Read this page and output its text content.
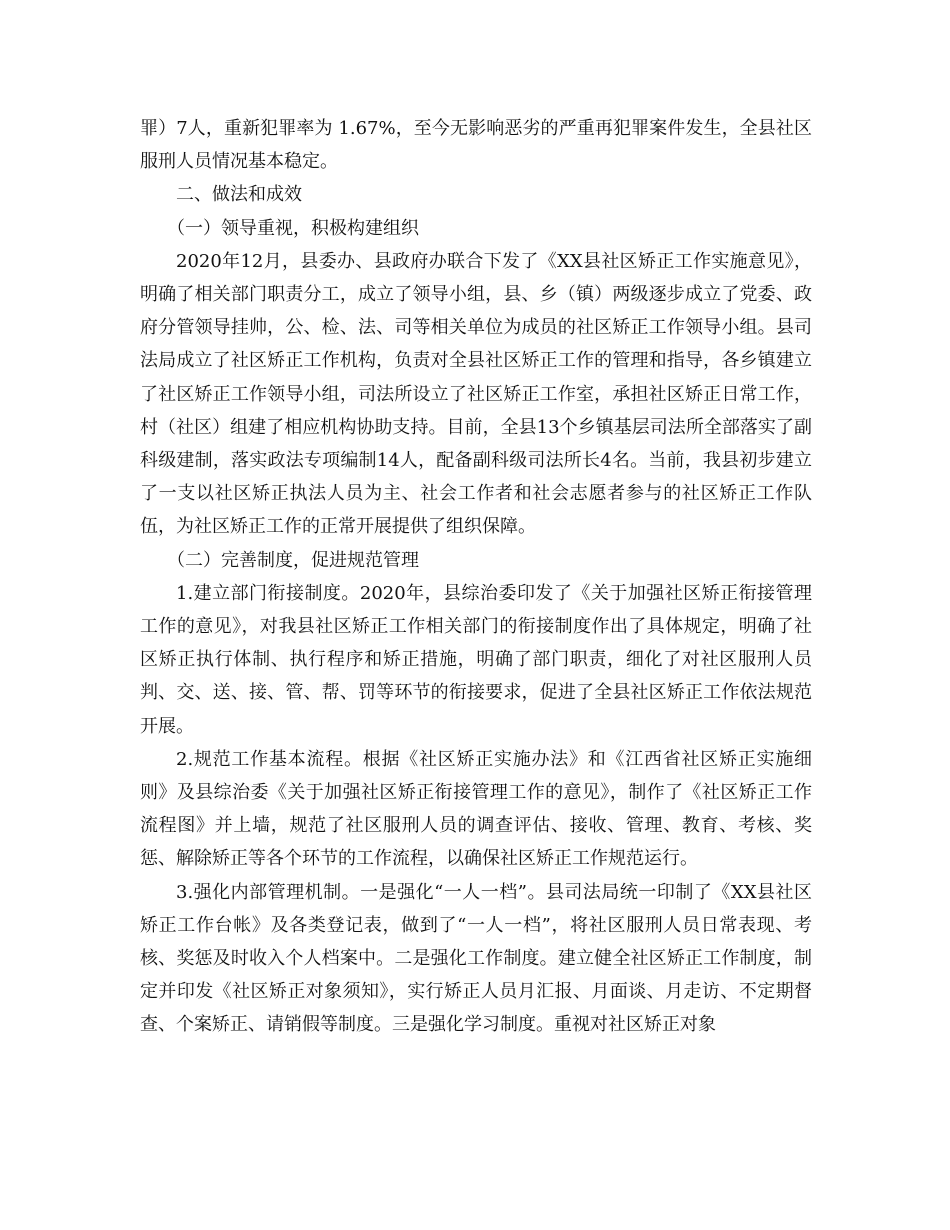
罪）7人，重新犯罪率为 1.67%，至今无影响恶劣的严重再犯罪案件发生，全县社区服刑人员情况基本稳定。

二、做法和成效

（一）领导重视，积极构建组织

2020年12月，县委办、县政府办联合下发了《XX县社区矫正工作实施意见》，明确了相关部门职责分工，成立了领导小组，县、乡（镇）两级逐步成立了党委、政府分管领导挂帅，公、检、法、司等相关单位为成员的社区矫正工作领导小组。县司法局成立了社区矫正工作机构，负责对全县社区矫正工作的管理和指导，各乡镇建立了社区矫正工作领导小组，司法所设立了社区矫正工作室，承担社区矫正日常工作，村（社区）组建了相应机构协助支持。目前，全县13个乡镇基层司法所全部落实了副科级建制，落实政法专项编制14人，配备副科级司法所长4名。当前，我县初步建立了一支以社区矫正执法人员为主、社会工作者和社会志愿者参与的社区矫正工作队伍，为社区矫正工作的正常开展提供了组织保障。

（二）完善制度，促进规范管理

1.建立部门衔接制度。2020年，县综治委印发了《关于加强社区矫正衔接管理工作的意见》，对我县社区矫正工作相关部门的衔接制度作出了具体规定，明确了社区矫正执行体制、执行程序和矫正措施，明确了部门职责，细化了对社区服刑人员判、交、送、接、管、帮、罚等环节的衔接要求，促进了全县社区矫正工作依法规范开展。

2.规范工作基本流程。根据《社区矫正实施办法》和《江西省社区矫正实施细则》及县综治委《关于加强社区矫正衔接管理工作的意见》，制作了《社区矫正工作流程图》并上墙，规范了社区服刑人员的调查评估、接收、管理、教育、考核、奖惩、解除矫正等各个环节的工作流程，以确保社区矫正工作规范运行。

3.强化内部管理机制。一是强化“一人一档”。县司法局统一印制了《XX县社区矫正工作台帐》及各类登记表，做到了“一人一档”，将社区服刑人员日常表现、考核、奖惩及时收入个人档案中。二是强化工作制度。建立健全社区矫正工作制度，制定并印发《社区矫正对象须知》，实行矫正人员月汇报、月面谈、月走访、不定期督查、个案矫正、请销假等制度。三是强化学习制度。重视对社区矫正对象
